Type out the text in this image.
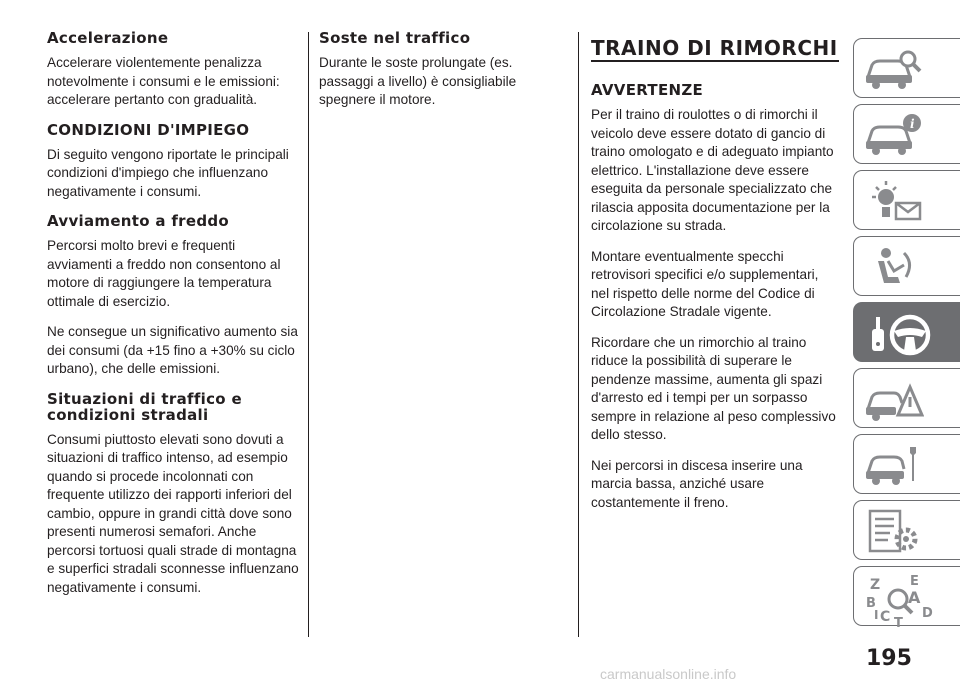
Accelerazione

Accelerare violentemente penalizza notevolmente i consumi e le emissioni: accelerare pertanto con gradualità.

CONDIZIONI D'IMPIEGO

Di seguito vengono riportate le principali condizioni d'impiego che influenzano negativamente i consumi.

Avviamento a freddo

Percorsi molto brevi e frequenti avviamenti a freddo non consentono al motore di raggiungere la temperatura ottimale di esercizio.

Ne consegue un significativo aumento sia dei consumi (da +15 fino a +30% su ciclo urbano), che delle emissioni.

Situazioni di traffico e condizioni stradali

Consumi piuttosto elevati sono dovuti a situazioni di traffico intenso, ad esempio quando si procede incolonnati con frequente utilizzo dei rapporti inferiori del cambio, oppure in grandi città dove sono presenti numerosi semafori. Anche percorsi tortuosi quali strade di montagna e superfici stradali sconnesse influenzano negativamente i consumi.

Soste nel traffico

Durante le soste prolungate (es. passaggi a livello) è consigliabile spegnere il motore.

TRAINO DI RIMORCHI
AVVERTENZE

Per il traino di roulottes o di rimorchi il veicolo deve essere dotato di gancio di traino omologato e di adeguato impianto elettrico. L'installazione deve essere eseguita da personale specializzato che rilascia apposita documentazione per la circolazione su strada.

Montare eventualmente specchi retrovisori specifici e/o supplementari, nel rispetto delle norme del Codice di Circolazione Stradale vigente.

Ricordare che un rimorchio al traino riduce la possibilità di superare le pendenze massime, aumenta gli spazi d'arresto ed i tempi per un sorpasso sempre in relazione al peso complessivo dello stesso.

Nei percorsi in discesa inserire una marcia bassa, anziché usare costantemente il freno.

i
Z E
A
B
C T
D
I
195
carmanualsonline.info
